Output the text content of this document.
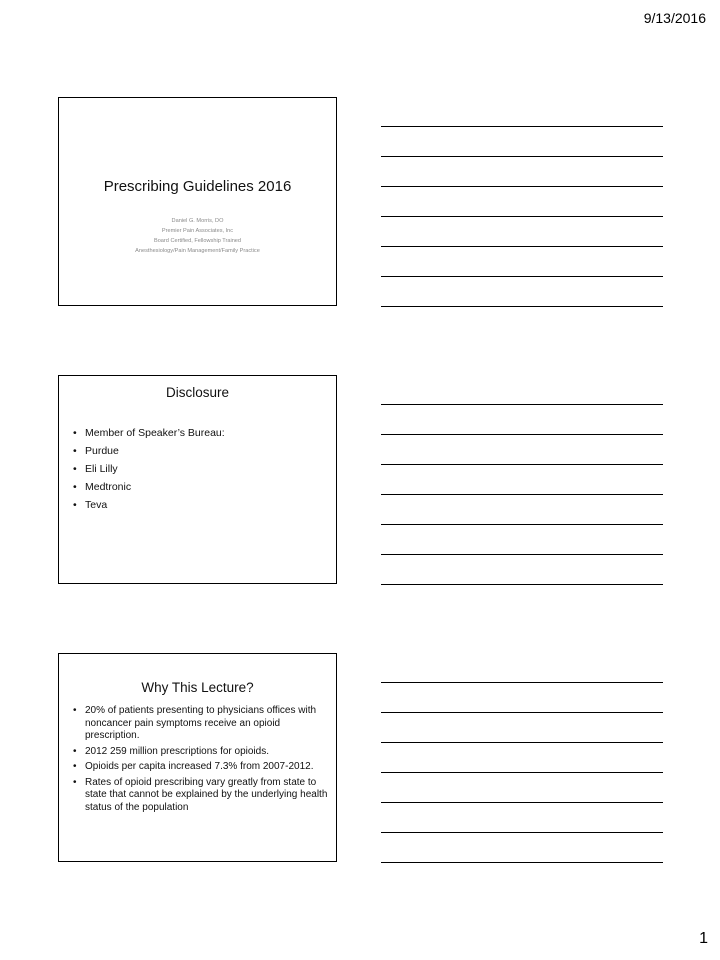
9/13/2016
Prescribing Guidelines 2016
Daniel G. Morris, DO
Premier Pain Associates, Inc
Board Certified, Fellowship Trained
Anesthesiology/Pain Management/Family Practice
Disclosure
• Member of Speaker’s Bureau:
• Purdue
• Eli Lilly
• Medtronic
• Teva
Why This Lecture?
• 20% of patients presenting to physicians offices with noncancer pain symptoms receive an opioid prescription.
• 2012 259 million prescriptions for opioids.
• Opioids per capita increased 7.3% from 2007-2012.
• Rates of opioid prescribing vary greatly from state to state that cannot be explained by the underlying health status of the population
1
